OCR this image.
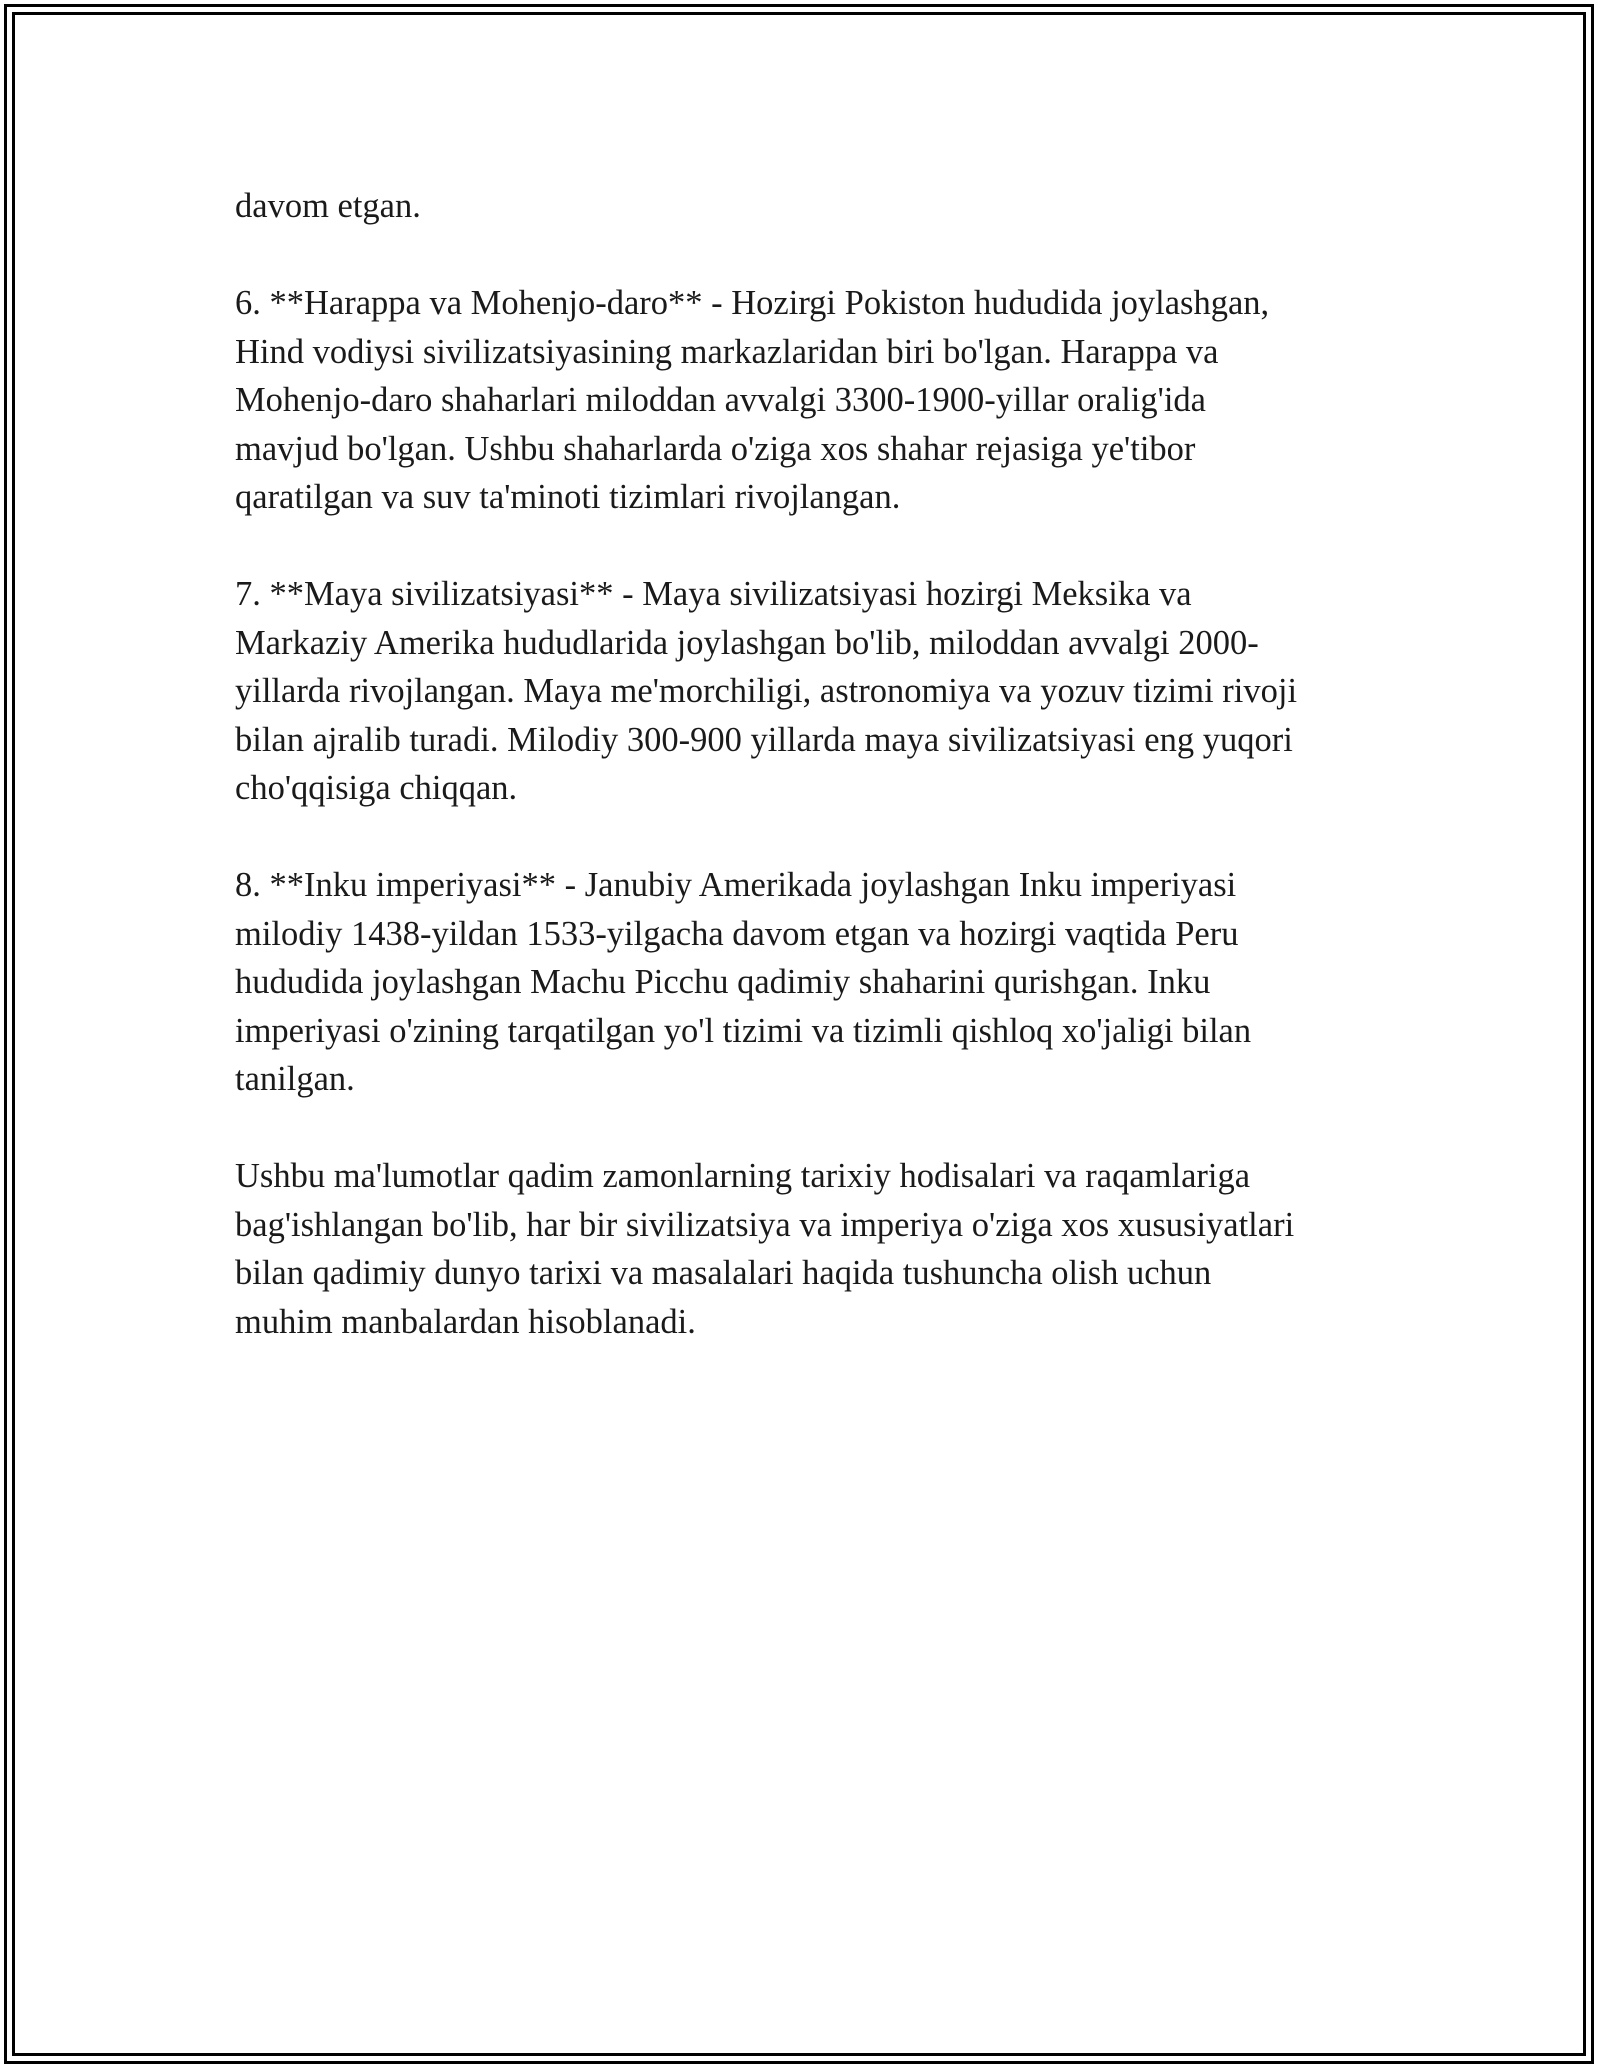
davom etgan.

6. **Harappa va Mohenjo-daro** - Hozirgi Pokiston hududida joylashgan,
Hind vodiysi sivilizatsiyasining markazlaridan biri bo'lgan. Harappa va
Mohenjo-daro shaharlari miloddan avvalgi 3300-1900-yillar oralig'ida
mavjud bo'lgan. Ushbu shaharlarda o'ziga xos shahar rejasiga ye'tibor
qaratilgan va suv ta'minoti tizimlari rivojlangan.

7. **Maya sivilizatsiyasi** - Maya sivilizatsiyasi hozirgi Meksika va
Markaziy Amerika hududlarida joylashgan bo'lib, miloddan avvalgi 2000-
yillarda rivojlangan. Maya me'morchiligi, astronomiya va yozuv tizimi rivoji
bilan ajralib turadi. Milodiy 300-900 yillarda maya sivilizatsiyasi eng yuqori
cho'qqisiga chiqqan.

8. **Inku imperiyasi** - Janubiy Amerikada joylashgan Inku imperiyasi
milodiy 1438-yildan 1533-yilgacha davom etgan va hozirgi vaqtida Peru
hududida joylashgan Machu Picchu qadimiy shaharini qurishgan. Inku
imperiyasi o'zining tarqatilgan yo'l tizimi va tizimli qishloq xo'jaligi bilan
tanilgan.

Ushbu ma'lumotlar qadim zamonlarning tarixiy hodisalari va raqamlariga
bag'ishlangan bo'lib, har bir sivilizatsiya va imperiya o'ziga xos xususiyatlari
bilan qadimiy dunyo tarixi va masalalari haqida tushuncha olish uchun
muhim manbalardan hisoblanadi.
